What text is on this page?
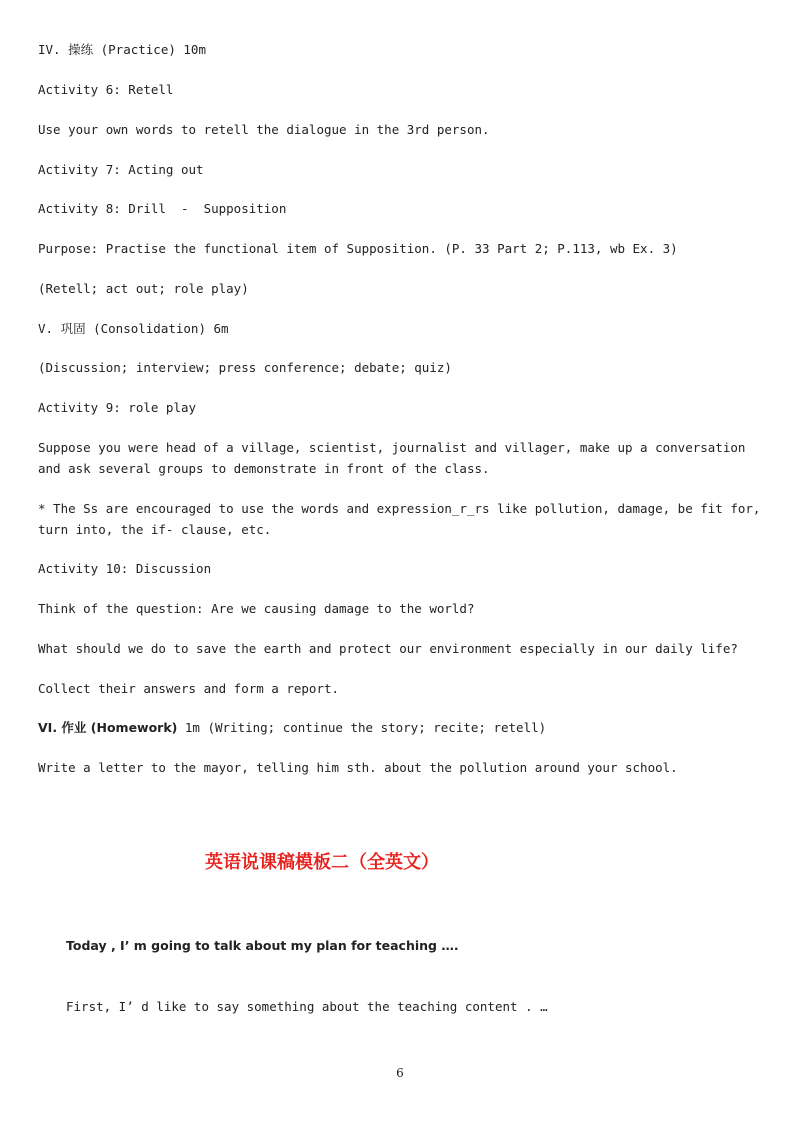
IV. 操练 (Practice) 10m

Activity 6: Retell

Use your own words to retell the dialogue in the 3rd person.

Activity 7: Acting out

Activity 8: Drill  -  Supposition

Purpose: Practise the functional item of Supposition. (P. 33 Part 2; P.113, wb Ex. 3)

(Retell; act out; role play)

V. 巩固 (Consolidation) 6m

(Discussion; interview; press conference; debate; quiz)

Activity 9: role play

Suppose you were head of a village, scientist, journalist and villager, make up a conversation and ask several groups to demonstrate in front of the class.

* The Ss are encouraged to use the words and expression_r_rs like pollution, damage, be fit for, turn into, the if- clause, etc.

Activity 10: Discussion

Think of the question: Are we causing damage to the world?

What should we do to save the earth and protect our environment especially in our daily life?

Collect their answers and form a report.

VI. 作业 (Homework) 1m (Writing; continue the story; recite; retell)

Write a letter to the mayor, telling him sth. about the pollution around your school.

英语说课稿模板二（全英文）

Today , I’ m going to talk about my plan for teaching ….

First, I’ d like to say something about the teaching content . …

6
